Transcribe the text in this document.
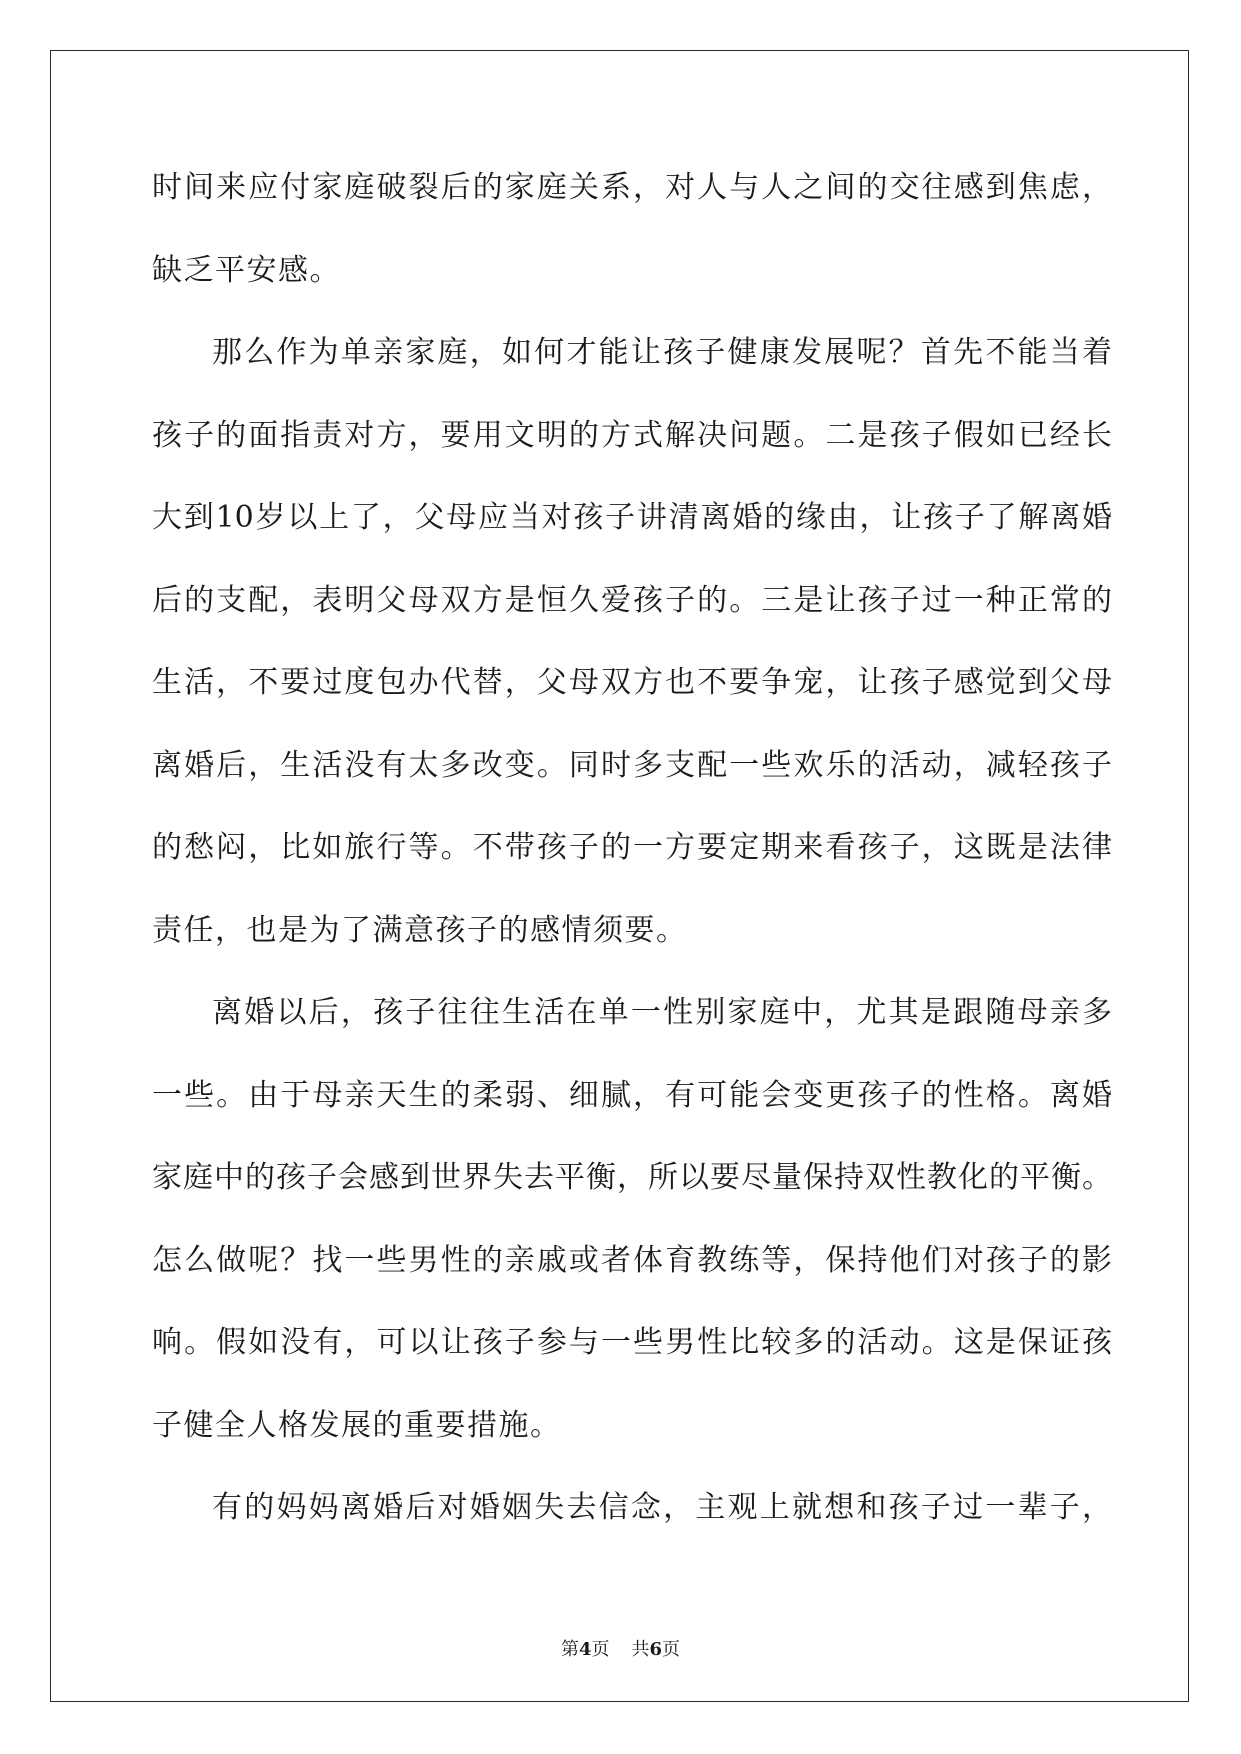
时间来应付家庭破裂后的家庭关系，对人与人之间的交往感到焦虑，
缺乏平安感。
那么作为单亲家庭，如何才能让孩子健康发展呢？首先不能当着
孩子的面指责对方，要用文明的方式解决问题。二是孩子假如已经长
大到10岁以上了，父母应当对孩子讲清离婚的缘由，让孩子了解离婚
后的支配，表明父母双方是恒久爱孩子的。三是让孩子过一种正常的
生活，不要过度包办代替，父母双方也不要争宠，让孩子感觉到父母
离婚后，生活没有太多改变。同时多支配一些欢乐的活动，减轻孩子
的愁闷，比如旅行等。不带孩子的一方要定期来看孩子，这既是法律
责任，也是为了满意孩子的感情须要。
离婚以后，孩子往往生活在单一性别家庭中，尤其是跟随母亲多
一些。由于母亲天生的柔弱、细腻，有可能会变更孩子的性格。离婚
家庭中的孩子会感到世界失去平衡，所以要尽量保持双性教化的平衡。
怎么做呢？找一些男性的亲戚或者体育教练等，保持他们对孩子的影
响。假如没有，可以让孩子参与一些男性比较多的活动。这是保证孩
子健全人格发展的重要措施。
有的妈妈离婚后对婚姻失去信念，主观上就想和孩子过一辈子，
第4页 共6页
